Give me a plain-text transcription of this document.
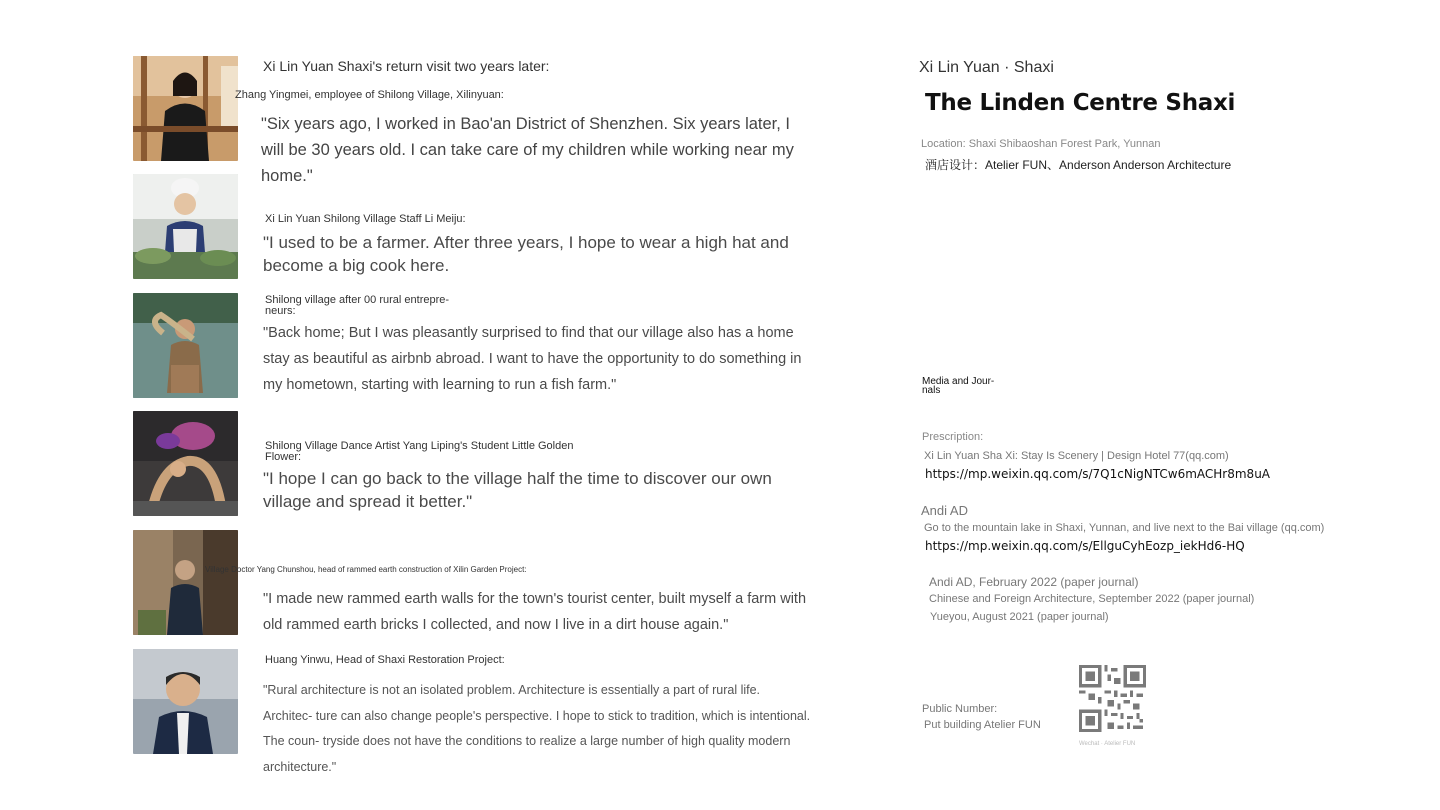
Xi Lin Yuan Shaxi's return visit two years later:
Zhang Yingmei, employee of Shilong Village, Xilinyuan:
"Six years ago, I worked in Bao'an District of Shenzhen. Six years later, I will be 30 years old. I can take care of my children while working near my home."
Xi Lin Yuan Shilong Village Staff Li Meiju:
"I used to be a farmer. After three years, I hope to wear a high hat and become a big cook here.
Shilong village after 00 rural entrepre- neurs:
"Back home; But I was pleasantly surprised to find that our village also has a home stay as beautiful as airbnb abroad. I want to have the opportunity to do something in my hometown, starting with learning to run a fish farm."
Shilong Village Dance Artist Yang Liping's Student Little Golden Flower:
"I hope I can go back to the village half the time to discover our own village and spread it better."
Village Doctor Yang Chunshou, head of rammed earth construction of Xilin Garden Project:
"I made new rammed earth walls for the town's tourist center, built myself a farm with old rammed earth bricks I collected, and now I live in a dirt house again."
Huang Yinwu, Head of Shaxi Restoration Project:
"Rural architecture is not an isolated problem. Architecture is essentially a part of rural life. Architec- ture can also change people's perspective. I hope to stick to tradition, which is intentional. The coun- tryside does not have the conditions to realize a large number of high quality modern architecture."
Xi Lin Yuan · Shaxi
The Linden Centre Shaxi
Location: Shaxi Shibaoshan Forest Park, Yunnan
酒店设计：Atelier FUN、Anderson Anderson Architecture
Media and Jour- nals
Prescription:
Xi Lin Yuan Sha Xi: Stay Is Scenery | Design Hotel 77(qq.com)
https://mp.weixin.qq.com/s/7Q1cNigNTCw6mACHr8m8uA
Andi AD
Go to the mountain lake in Shaxi, Yunnan, and live next to the Bai village (qq.com)
https://mp.weixin.qq.com/s/EllguCyhEozp_iekHd6-HQ
Andi AD, February 2022 (paper journal)
Chinese and Foreign Architecture, September 2022 (paper journal)
Yueyou, August 2021 (paper journal)
Public Number:
Put building Atelier FUN
Wechat · Atelier FUN
